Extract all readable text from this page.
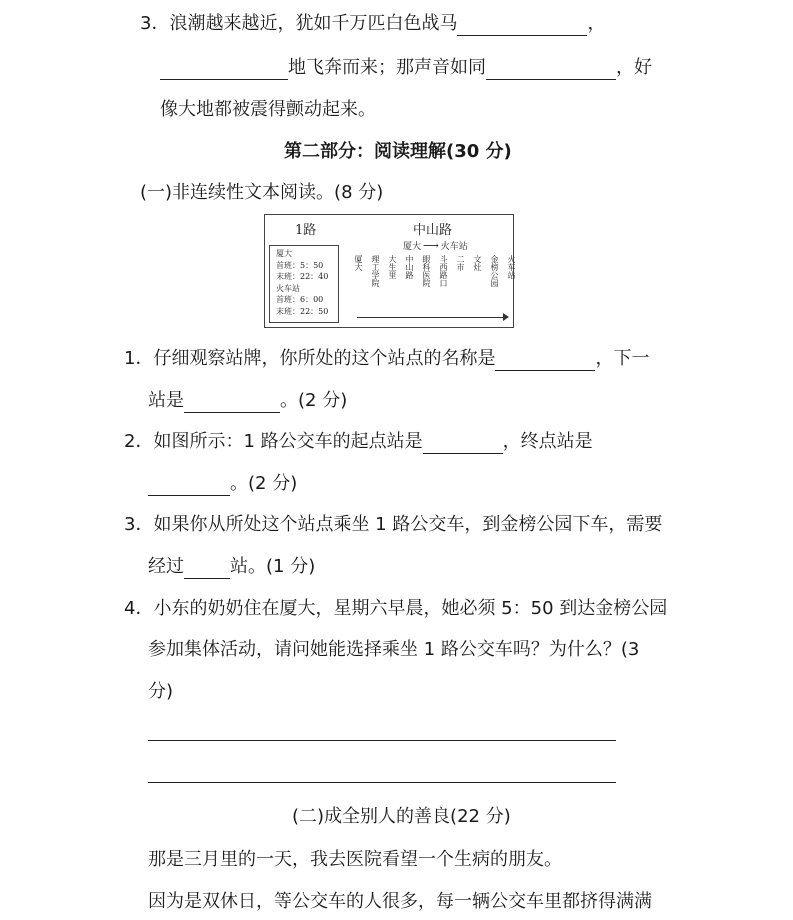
3．浪潮越来越近，犹如千万匹白色战马	，
地飞奔而来；那声音如同	，好
像大地都被震得颤动起来。
第二部分：阅读理解(30 分)
(一)非连续性文本阅读。(8 分)
1路	中山路
厦大 ⟶ 火车站
厦大
首班：5：50
末班：22：40
火车站
首班：6：00
末班：22：50
厦大	理工学院	大生里	中山路	眼科医院	斗西路口	二市	文灶	金榜公园	火车站
1．仔细观察站牌，你所处的这个站点的名称是	，下一
站是	。(2 分)
2．如图所示：1 路公交车的起点站是	，终点站是
。(2 分)
3．如果你从所处这个站点乘坐 1 路公交车，到金榜公园下车，需要
经过	站。(1 分)
4．小东的奶奶住在厦大，星期六早晨，她必须 5：50 到达金榜公园
参加集体活动，请问她能选择乘坐 1 路公交车吗？为什么？(3
分)
(二)成全别人的善良(22 分)
那是三月里的一天，我去医院看望一个生病的朋友。
因为是双休日，等公交车的人很多，每一辆公交车里都挤得满满
